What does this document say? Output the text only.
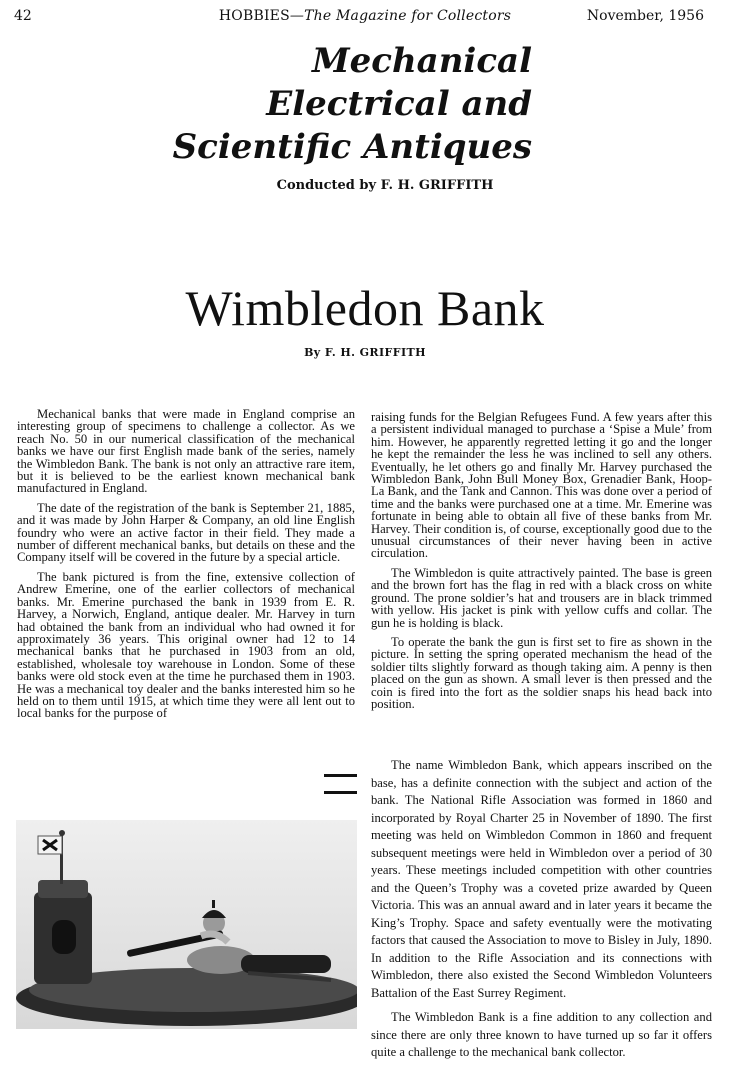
42	HOBBIES—The Magazine for Collectors	November, 1956
Mechanical
Electrical and
Scientific Antiques
Conducted by F. H. GRIFFITH
Wimbledon Bank
By F. H. GRIFFITH

Mechanical banks that were made in England comprise an interesting group of specimens to challenge a collector. As we reach No. 50 in our numerical classification of the mechanical banks we have our first English made bank of the series, namely the Wimbledon Bank. The bank is not only an attractive rare item, but it is believed to be the earliest known mechanical bank manufactured in England.

The date of the registration of the bank is September 21, 1885, and it was made by John Harper & Company, an old line English foundry who were an active factor in their field. They made a number of different mechanical banks, but details on these and the Company itself will be covered in the future by a special article.

The bank pictured is from the fine, extensive collection of Andrew Emerine, one of the earlier collectors of mechanical banks. Mr. Emerine purchased the bank in 1939 from E. R. Harvey, a Norwich, England, antique dealer. Mr. Harvey in turn had obtained the bank from an individual who had owned it for approximately 36 years. This original owner had 12 to 14 mechanical banks that he purchased in 1903 from an old, established, wholesale toy warehouse in London. Some of these banks were old stock even at the time he purchased them in 1903. He was a mechanical toy dealer and the banks interested him so he held on to them until 1915, at which time they were all lent out to local banks for the purpose of

raising funds for the Belgian Refugees Fund. A few years after this a persistent individual managed to purchase a ‘Spise a Mule’ from him. However, he apparently regretted letting it go and the longer he kept the remainder the less he was inclined to sell any others. Eventually, he let others go and finally Mr. Harvey purchased the Wimbledon Bank, John Bull Money Box, Grenadier Bank, Hoop-La Bank, and the Tank and Cannon. This was done over a period of time and the banks were purchased one at a time. Mr. Emerine was fortunate in being able to obtain all five of these banks from Mr. Harvey. Their condition is, of course, exceptionally good due to the unusual circumstances of their never having been in active circulation.

The Wimbledon is quite attractively painted. The base is green and the brown fort has the flag in red with a black cross on white ground. The prone soldier’s hat and trousers are in black trimmed with yellow. His jacket is pink with yellow cuffs and collar. The gun he is holding is black.

To operate the bank the gun is first set to fire as shown in the picture. In setting the spring operated mechanism the head of the soldier tilts slightly forward as though taking aim. A penny is then placed on the gun as shown. A small lever is then pressed and the coin is fired into the fort as the soldier snaps his head back into position.

The name Wimbledon Bank, which appears inscribed on the base, has a definite connection with the subject and action of the bank. The National Rifle Association was formed in 1860 and incorporated by Royal Charter 25 in November of 1890. The first meeting was held on Wimbledon Common in 1860 and frequent subsequent meetings were held in Wimbledon over a period of 30 years. These meetings included competition with other countries and the Queen’s Trophy was a coveted prize awarded by Queen Victoria. This was an annual award and in later years it became the King’s Trophy. Space and safety eventually were the motivating factors that caused the Association to move to Bisley in July, 1890. In addition to the Rifle Association and its connections with Wimbledon, there also existed the Second Wimbledon Volunteers Battalion of the East Surrey Regiment.

The Wimbledon Bank is a fine addition to any collection and since there are only three known to have turned up so far it offers quite a challenge to the mechanical bank collector.
